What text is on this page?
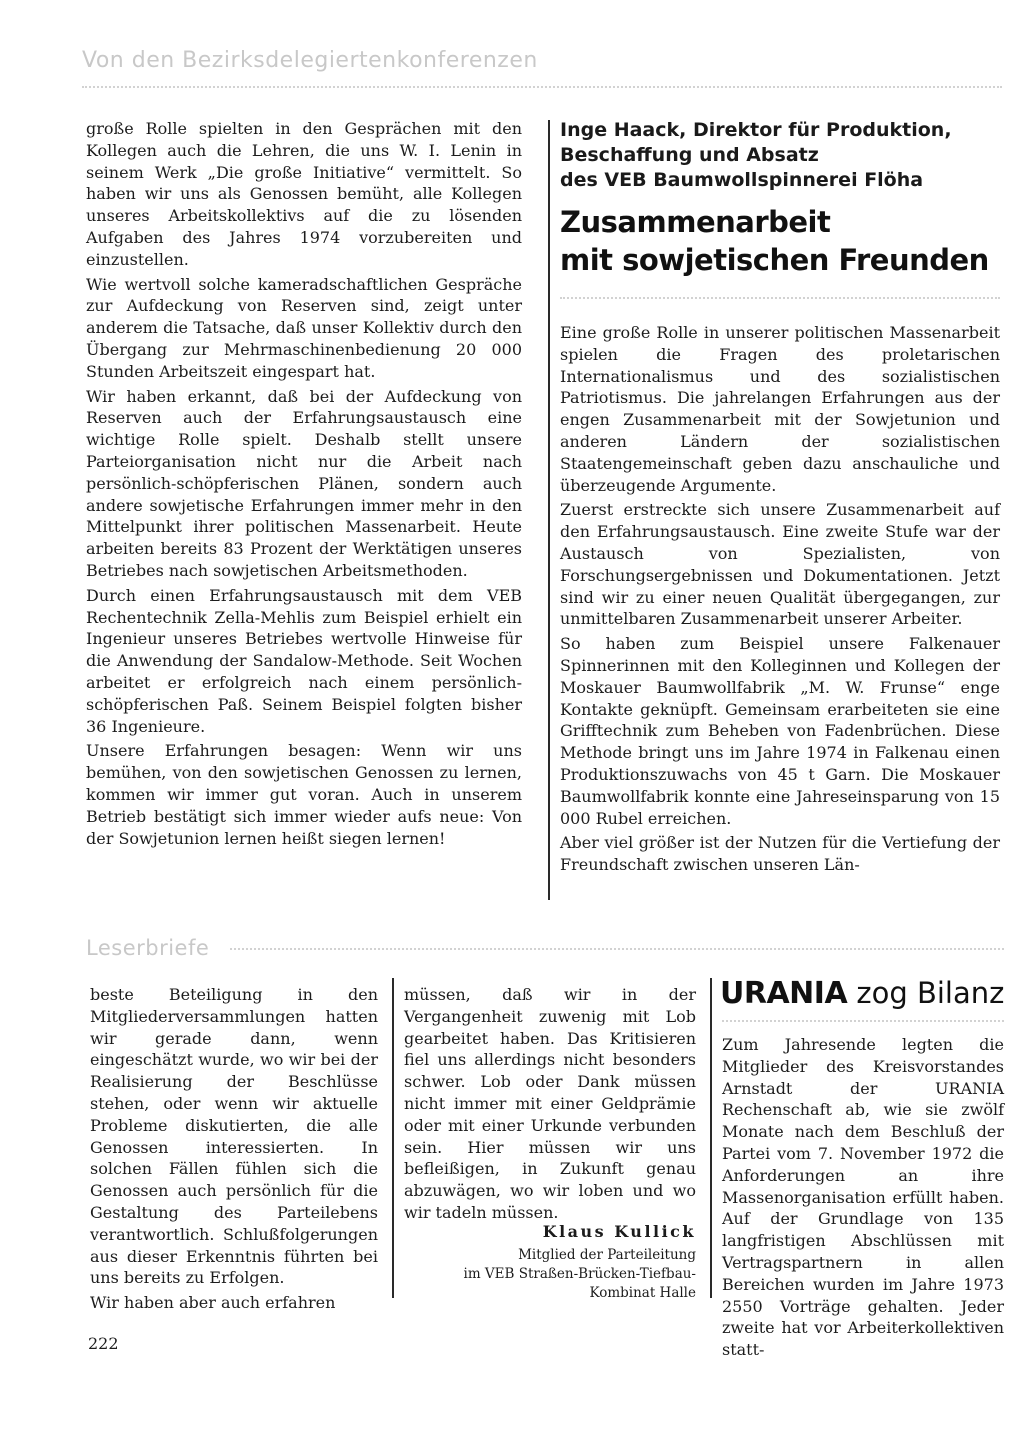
Von den Bezirksdelegiertenkonferenzen

große Rolle spielten in den Gesprächen mit den Kollegen auch die Lehren, die uns W. I. Lenin in seinem Werk „Die große Initiative“ vermittelt. So haben wir uns als Genossen bemüht, alle Kollegen unseres Arbeitskollektivs auf die zu lösenden Aufgaben des Jahres 1974 vorzubereiten und einzustellen.

Wie wertvoll solche kameradschaftlichen Gespräche zur Aufdeckung von Reserven sind, zeigt unter anderem die Tatsache, daß unser Kollektiv durch den Übergang zur Mehrmaschinenbedienung 20 000 Stunden Arbeitszeit eingespart hat.

Wir haben erkannt, daß bei der Aufdeckung von Reserven auch der Erfahrungsaustausch eine wichtige Rolle spielt. Deshalb stellt unsere Parteiorganisation nicht nur die Arbeit nach persönlich-schöpferischen Plänen, sondern auch andere sowjetische Erfahrungen immer mehr in den Mittelpunkt ihrer politischen Massenarbeit. Heute arbeiten bereits 83 Prozent der Werktätigen unseres Betriebes nach sowjetischen Arbeitsmethoden.

Durch einen Erfahrungsaustausch mit dem VEB Rechentechnik Zella-Mehlis zum Beispiel erhielt ein Ingenieur unseres Betriebes wertvolle Hinweise für die Anwendung der Sandalow-Methode. Seit Wochen arbeitet er erfolgreich nach einem persönlich-schöpferischen Paß. Seinem Beispiel folgten bisher 36 Ingenieure.

Unsere Erfahrungen besagen: Wenn wir uns bemühen, von den sowjetischen Genossen zu lernen, kommen wir immer gut voran. Auch in unserem Betrieb bestätigt sich immer wieder aufs neue: Von der Sowjetunion lernen heißt siegen lernen!

Inge Haack, Direktor für Produktion,
Beschaffung und Absatz
des VEB Baumwollspinnerei Flöha
Zusammenarbeit
mit sowjetischen Freunden

Eine große Rolle in unserer politischen Massenarbeit spielen die Fragen des proletarischen Internationalismus und des sozialistischen Patriotismus. Die jahrelangen Erfahrungen aus der engen Zusammenarbeit mit der Sowjetunion und anderen Ländern der sozialistischen Staatengemeinschaft geben dazu anschauliche und überzeugende Argumente.

Zuerst erstreckte sich unsere Zusammenarbeit auf den Erfahrungsaustausch. Eine zweite Stufe war der Austausch von Spezialisten, von Forschungsergebnissen und Dokumentationen. Jetzt sind wir zu einer neuen Qualität übergegangen, zur unmittelbaren Zusammenarbeit unserer Arbeiter.

So haben zum Beispiel unsere Falkenauer Spinnerinnen mit den Kolleginnen und Kollegen der Moskauer Baumwollfabrik „M. W. Frunse“ enge Kontakte geknüpft. Gemeinsam erarbeiteten sie eine Grifftechnik zum Beheben von Fadenbrüchen. Diese Methode bringt uns im Jahre 1974 in Falkenau einen Produktionszuwachs von 45 t Garn. Die Moskauer Baumwollfabrik konnte eine Jahreseinsparung von 15 000 Rubel erreichen.

Aber viel größer ist der Nutzen für die Vertiefung der Freundschaft zwischen unseren Län-

Leserbriefe

beste Beteiligung in den Mitgliederversammlungen hatten wir gerade dann, wenn eingeschätzt wurde, wo wir bei der Realisierung der Beschlüsse stehen, oder wenn wir aktuelle Probleme diskutierten, die alle Genossen interessierten. In solchen Fällen fühlen sich die Genossen auch persönlich für die Gestaltung des Parteilebens verantwortlich. Schlußfolgerungen aus dieser Erkenntnis führten bei uns bereits zu Erfolgen.

Wir haben aber auch erfahren

müssen, daß wir in der Vergangenheit zuwenig mit Lob gearbeitet haben. Das Kritisieren fiel uns allerdings nicht besonders schwer. Lob oder Dank müssen nicht immer mit einer Geldprämie oder mit einer Urkunde verbunden sein. Hier müssen wir uns befleißigen, in Zukunft genau abzuwägen, wo wir loben und wo wir tadeln müssen.

Klaus Kullick
Mitglied der Parteileitung
im VEB Straßen-Brücken-Tiefbau-
Kombinat Halle
URANIA zog Bilanz

Zum Jahresende legten die Mitglieder des Kreisvorstandes Arnstadt der URANIA Rechenschaft ab, wie sie zwölf Monate nach dem Beschluß der Partei vom 7. November 1972 die Anforderungen an ihre Massenorganisation erfüllt haben. Auf der Grundlage von 135 langfristigen Abschlüssen mit Vertragspartnern in allen Bereichen wurden im Jahre 1973 2550 Vorträge gehalten. Jeder zweite hat vor Arbeiterkollektiven statt-

222
